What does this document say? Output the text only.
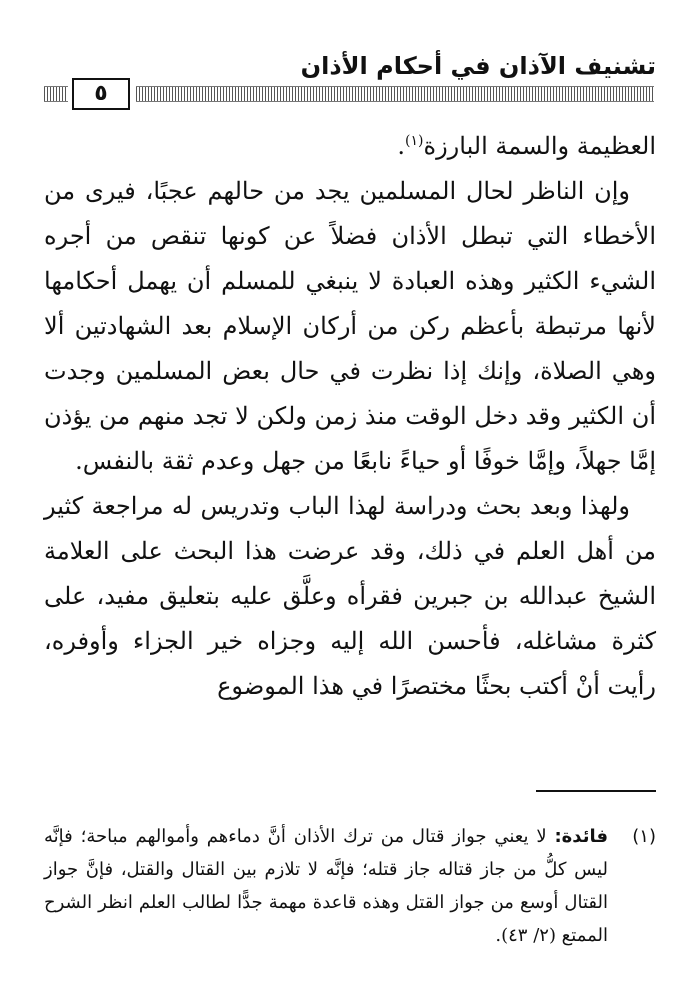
تشنيف الآذان في أحكام الأذان
٥

العظيمة والسمة البارزة$^{(١)}$.

وإن الناظر لحال المسلمين يجد من حالهم عجبًا، فيرى من الأخطاء التي تبطل الأذان فضلاً عن كونها تنقص من أجره الشيء الكثير وهذه العبادة لا ينبغي للمسلم أن يهمل أحكامها لأنها مرتبطة بأعظم ركن من أركان الإسلام بعد الشهادتين ألا وهي الصلاة، وإنك إذا نظرت في حال بعض المسلمين وجدت أن الكثير وقد دخل الوقت منذ زمن ولكن لا تجد منهم من يؤذن إمَّا جهلاً، وإمَّا خوفًا أو حياءً نابعًا من جهل وعدم ثقة بالنفس.

ولهذا وبعد بحث ودراسة لهذا الباب وتدريس له مراجعة كثير من أهل العلم في ذلك، وقد عرضت هذا البحث على العلامة الشيخ عبدالله بن جبرين فقرأه وعلَّق عليه بتعليق مفيد، على كثرة مشاغله، فأحسن الله إليه وجزاه خير الجزاء وأوفره، رأيت أنْ أكتب بحثًا مختصرًا في هذا الموضوع

(١)
فائدة: لا يعني جواز قتال من ترك الأذان أنَّ دماءهم وأموالهم مباحة؛ فإنَّه ليس كلُّ من جاز قتاله جاز قتله؛ فإنَّه لا تلازم بين القتال والقتل، فإنَّ جواز القتال أوسع من جواز القتل وهذه قاعدة مهمة جدًّا لطالب العلم انظر الشرح الممتع (٢/ ٤٣).
